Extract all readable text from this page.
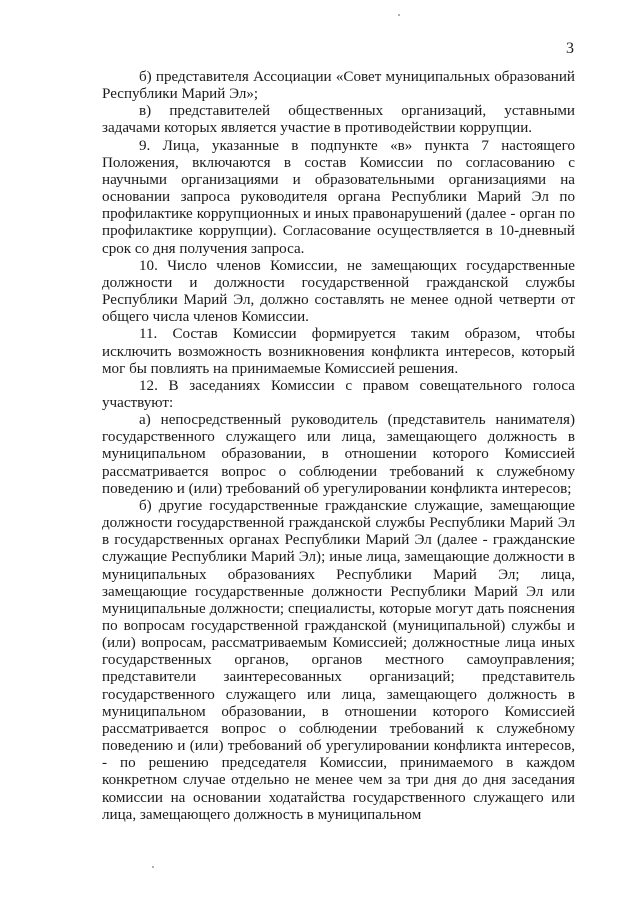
3

б) представителя Ассоциации «Совет муниципальных образований Республики Марий Эл»;

в) представителей общественных организаций, уставными задачами которых является участие в противодействии коррупции.

9. Лица, указанные в подпункте «в» пункта 7 настоящего Положения, включаются в состав Комиссии по согласованию с научными организациями и образовательными организациями на основании запроса руководителя органа Республики Марий Эл по профилактике коррупционных и иных правонарушений (далее - орган по профилактике коррупции). Согласование осуществляется в 10-дневный срок со дня получения запроса.

10. Число членов Комиссии, не замещающих государственные должности и должности государственной гражданской службы Республики Марий Эл, должно составлять не менее одной четверти от общего числа членов Комиссии.

11. Состав Комиссии формируется таким образом, чтобы исключить возможность возникновения конфликта интересов, который мог бы повлиять на принимаемые Комиссией решения.

12. В заседаниях Комиссии с правом совещательного голоса участвуют:

а) непосредственный руководитель (представитель нанимателя) государственного служащего или лица, замещающего должность в муниципальном образовании, в отношении которого Комиссией рассматривается вопрос о соблюдении требований к служебному поведению и (или) требований об урегулировании конфликта интересов;

б) другие государственные гражданские служащие, замещающие должности государственной гражданской службы Республики Марий Эл в государственных органах Республики Марий Эл (далее - гражданские служащие Республики Марий Эл); иные лица, замещающие должности в муниципальных образованиях Республики Марий Эл; лица, замещающие государственные должности Республики Марий Эл или муниципальные должности; специалисты, которые могут дать пояснения по вопросам государственной гражданской (муниципальной) службы и (или) вопросам, рассматриваемым Комиссией; должностные лица иных государственных органов, органов местного самоуправления; представители заинтересованных организаций; представитель государственного служащего или лица, замещающего должность в муниципальном образовании, в отношении которого Комиссией рассматривается вопрос о соблюдении требований к служебному поведению и (или) требований об урегулировании конфликта интересов, - по решению председателя Комиссии, принимаемого в каждом конкретном случае отдельно не менее чем за три дня до дня заседания комиссии на основании ходатайства государственного служащего или лица, замещающего должность в муниципальном
